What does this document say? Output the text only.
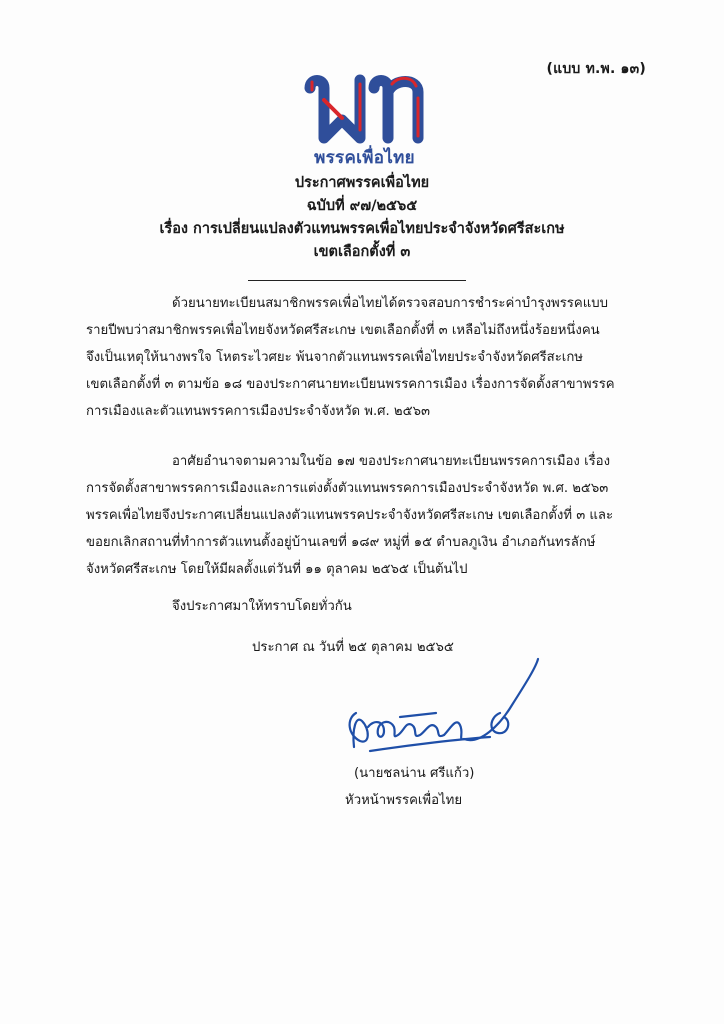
(แบบ ท.พ. ๑๓)
พรรคเพื่อไทย
ประกาศพรรคเพื่อไทย
ฉบับที่ ๙๗/๒๕๖๕
เรื่อง การเปลี่ยนแปลงตัวแทนพรรคเพื่อไทยประจำจังหวัดศรีสะเกษ
เขตเลือกตั้งที่ ๓
ด้วยนายทะเบียนสมาชิกพรรคเพื่อไทยได้ตรวจสอบการชำระค่าบำรุงพรรคแบบ
รายปีพบว่าสมาชิกพรรคเพื่อไทยจังหวัดศรีสะเกษ เขตเลือกตั้งที่ ๓ เหลือไม่ถึงหนึ่งร้อยหนึ่งคน
จึงเป็นเหตุให้นางพรใจ โหตระไวศยะ พ้นจากตัวแทนพรรคเพื่อไทยประจำจังหวัดศรีสะเกษ
เขตเลือกตั้งที่ ๓ ตามข้อ ๑๘ ของประกาศนายทะเบียนพรรคการเมือง เรื่องการจัดตั้งสาขาพรรค
การเมืองและตัวแทนพรรคการเมืองประจำจังหวัด พ.ศ. ๒๕๖๓
อาศัยอำนาจตามความในข้อ ๑๗ ของประกาศนายทะเบียนพรรคการเมือง เรื่อง
การจัดตั้งสาขาพรรคการเมืองและการแต่งตั้งตัวแทนพรรคการเมืองประจำจังหวัด พ.ศ. ๒๕๖๓
พรรคเพื่อไทยจึงประกาศเปลี่ยนแปลงตัวแทนพรรคประจำจังหวัดศรีสะเกษ เขตเลือกตั้งที่ ๓ และ
ขอยกเลิกสถานที่ทำการตัวแทนตั้งอยู่บ้านเลขที่ ๑๘๙ หมู่ที่ ๑๕ ตำบลภูเงิน อำเภอกันทรลักษ์
จังหวัดศรีสะเกษ โดยให้มีผลตั้งแต่วันที่ ๑๑ ตุลาคม ๒๕๖๕ เป็นต้นไป
จึงประกาศมาให้ทราบโดยทั่วกัน
ประกาศ ณ วันที่ ๒๕ ตุลาคม ๒๕๖๕
(นายชลน่าน ศรีแก้ว)
หัวหน้าพรรคเพื่อไทย
